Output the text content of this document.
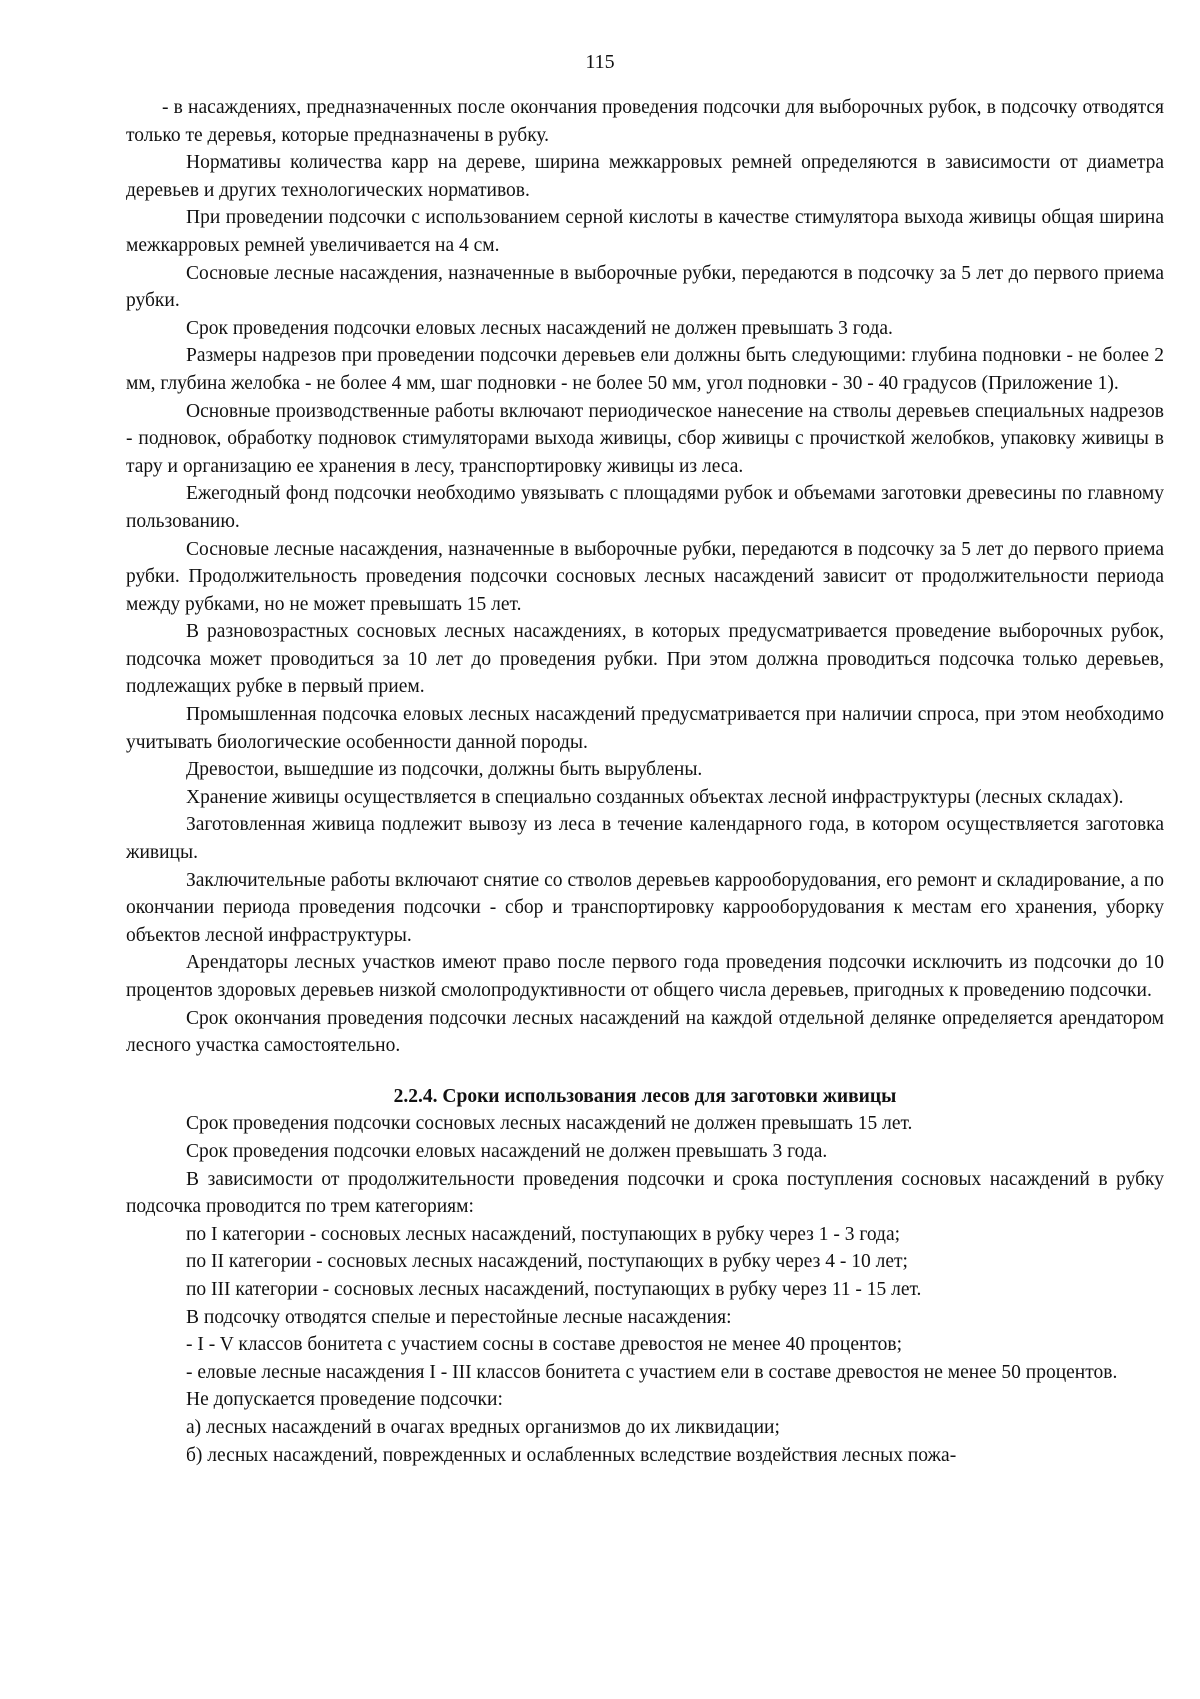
115

- в насаждениях, предназначенных после окончания проведения подсочки для выборочных рубок, в подсочку отводятся только те деревья, которые предназначены в рубку.

Нормативы количества карр на дереве, ширина межкарровых ремней определяются в зависимости от диаметра деревьев и других технологических нормативов.

При проведении подсочки с использованием серной кислоты в качестве стимулятора выхода живицы общая ширина межкарровых ремней увеличивается на 4 см.

Сосновые лесные насаждения, назначенные в выборочные рубки, передаются в подсочку за 5 лет до первого приема рубки.

Срок проведения подсочки еловых лесных насаждений не должен превышать 3 года.

Размеры надрезов при проведении подсочки деревьев ели должны быть следующими: глубина подновки - не более 2 мм, глубина желобка - не более 4 мм, шаг подновки - не более 50 мм, угол подновки - 30 - 40 градусов (Приложение 1).

Основные производственные работы включают периодическое нанесение на стволы деревьев специальных надрезов - подновок, обработку подновок стимуляторами выхода живицы, сбор живицы с прочисткой желобков, упаковку живицы в тару и организацию ее хранения в лесу, транспортировку живицы из леса.

Ежегодный фонд подсочки необходимо увязывать с площадями рубок и объемами заготовки древесины по главному пользованию.

Сосновые лесные насаждения, назначенные в выборочные рубки, передаются в подсочку за 5 лет до первого приема рубки. Продолжительность проведения подсочки сосновых лесных насаждений зависит от продолжительности периода между рубками, но не может превышать 15 лет.

В разновозрастных сосновых лесных насаждениях, в которых предусматривается проведение выборочных рубок, подсочка может проводиться за 10 лет до проведения рубки. При этом должна проводиться подсочка только деревьев, подлежащих рубке в первый прием.

Промышленная подсочка еловых лесных насаждений предусматривается при наличии спроса, при этом необходимо учитывать биологические особенности данной породы.

Древостои, вышедшие из подсочки, должны быть вырублены.

Хранение живицы осуществляется в специально созданных объектах лесной инфраструктуры (лесных складах).

Заготовленная живица подлежит вывозу из леса в течение календарного года, в котором осуществляется заготовка живицы.

Заключительные работы включают снятие со стволов деревьев каррооборудования, его ремонт и складирование, а по окончании периода проведения подсочки - сбор и транспортировку каррооборудования к местам его хранения, уборку объектов лесной инфраструктуры.

Арендаторы лесных участков имеют право после первого года проведения подсочки исключить из подсочки до 10 процентов здоровых деревьев низкой смолопродуктивности от общего числа деревьев, пригодных к проведению подсочки.

Срок окончания проведения подсочки лесных насаждений на каждой отдельной делянке определяется арендатором лесного участка самостоятельно.

2.2.4. Сроки использования лесов для заготовки живицы

Срок проведения подсочки сосновых лесных насаждений не должен превышать 15 лет.

Срок проведения подсочки еловых насаждений не должен превышать 3 года.

В зависимости от продолжительности проведения подсочки и срока поступления сосновых насаждений в рубку подсочка проводится по трем категориям:

по I категории - сосновых лесных насаждений, поступающих в рубку через 1 - 3 года;

по II категории - сосновых лесных насаждений, поступающих в рубку через 4 - 10 лет;

по III категории - сосновых лесных насаждений, поступающих в рубку через 11 - 15 лет.

В подсочку отводятся спелые и перестойные лесные насаждения:

- I - V классов бонитета с участием сосны в составе древостоя не менее 40 процентов;

- еловые лесные насаждения I - III классов бонитета с участием ели в составе древостоя не менее 50 процентов.

Не допускается проведение подсочки:

а) лесных насаждений в очагах вредных организмов до их ликвидации;

б) лесных насаждений, поврежденных и ослабленных вследствие воздействия лесных пожа-
